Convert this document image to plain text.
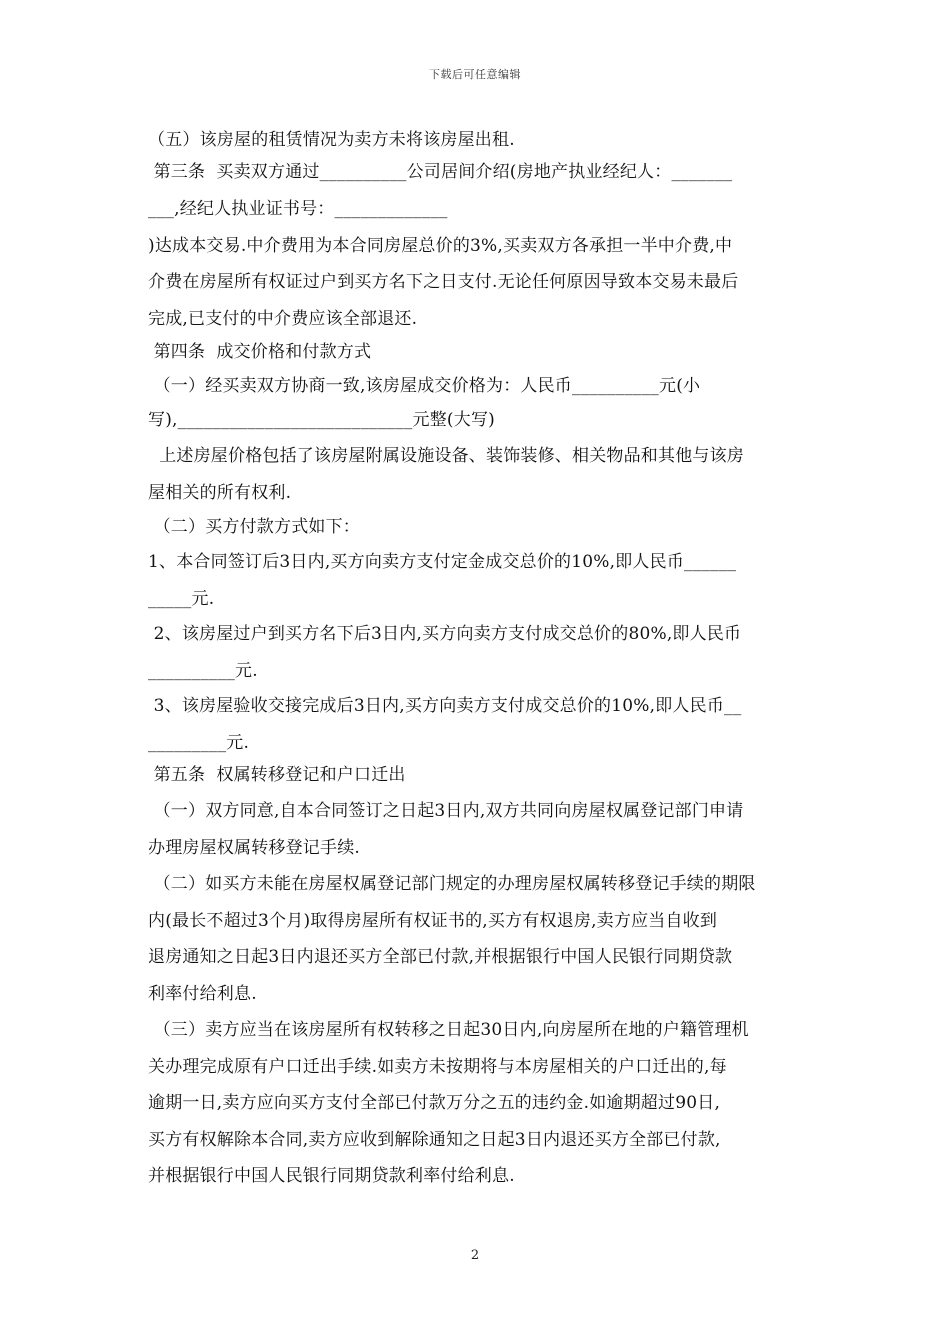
下载后可任意编辑
（五）该房屋的租赁情况为卖方未将该房屋出租.
第三条  买卖双方通过__________公司居间介绍(房地产执业经纪人：_______
___,经纪人执业证书号：_____________
)达成本交易.中介费用为本合同房屋总价的3%,买卖双方各承担一半中介费,中
介费在房屋所有权证过户到买方名下之日支付.无论任何原因导致本交易未最后
完成,已支付的中介费应该全部退还.
第四条  成交价格和付款方式
（一）经买卖双方协商一致,该房屋成交价格为：人民币__________元(小
写),___________________________元整(大写)
上述房屋价格包括了该房屋附属设施设备、装饰装修、相关物品和其他与该房
屋相关的所有权利.
（二）买方付款方式如下：
1、本合同签订后3日内,买方向卖方支付定金成交总价的10%,即人民币______
_____元.
2、该房屋过户到买方名下后3日内,买方向卖方支付成交总价的80%,即人民币
__________元.
3、该房屋验收交接完成后3日内,买方向卖方支付成交总价的10%,即人民币__
_________元.
第五条  权属转移登记和户口迁出
（一）双方同意,自本合同签订之日起3日内,双方共同向房屋权属登记部门申请
办理房屋权属转移登记手续.
（二）如买方未能在房屋权属登记部门规定的办理房屋权属转移登记手续的期限
内(最长不超过3个月)取得房屋所有权证书的,买方有权退房,卖方应当自收到
退房通知之日起3日内退还买方全部已付款,并根据银行中国人民银行同期贷款
利率付给利息.
（三）卖方应当在该房屋所有权转移之日起30日内,向房屋所在地的户籍管理机
关办理完成原有户口迁出手续.如卖方未按期将与本房屋相关的户口迁出的,每
逾期一日,卖方应向买方支付全部已付款万分之五的违约金.如逾期超过90日,
买方有权解除本合同,卖方应收到解除通知之日起3日内退还买方全部已付款,
并根据银行中国人民银行同期贷款利率付给利息.
2
